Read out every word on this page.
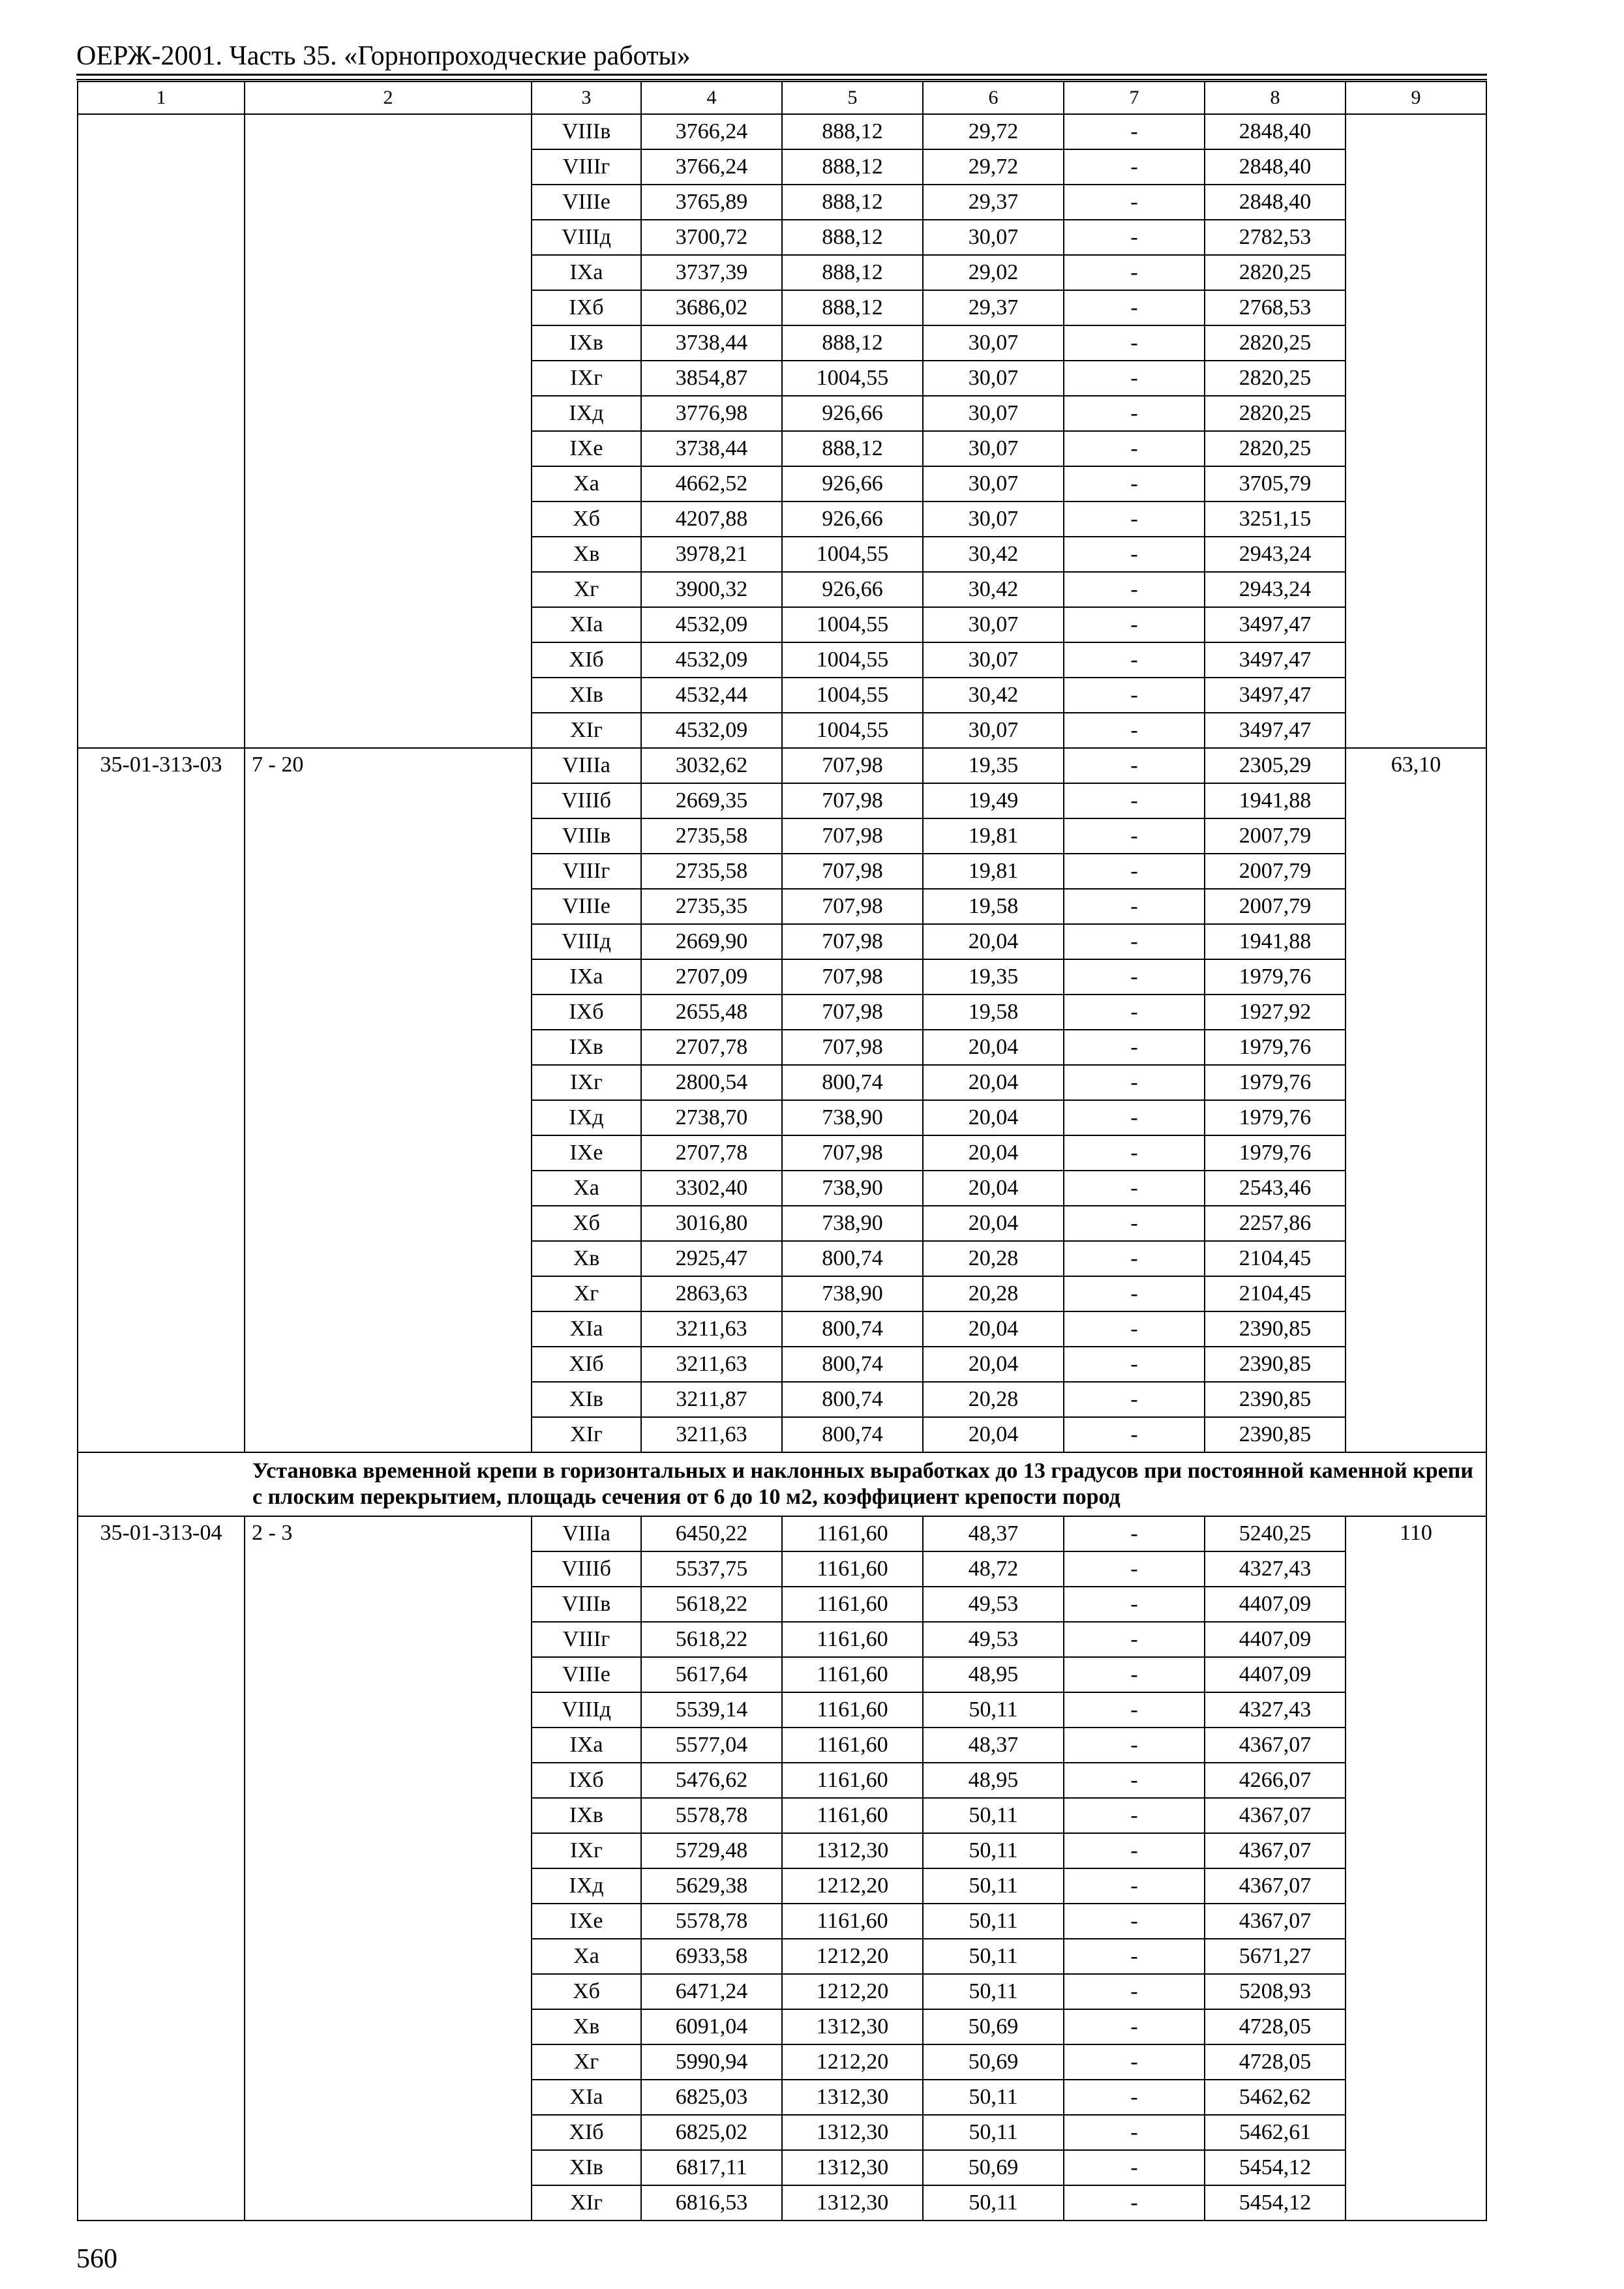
ОЕРЖ-2001. Часть 35. «Горнопроходческие работы»
1	2	3	4	5	6	7	8	9
		VIIIв	3766,24	888,12	29,72	-	2848,40	
		VIIIг	3766,24	888,12	29,72	-	2848,40	
		VIIIе	3765,89	888,12	29,37	-	2848,40	
		VIIIд	3700,72	888,12	30,07	-	2782,53	
		IXа	3737,39	888,12	29,02	-	2820,25	
		IXб	3686,02	888,12	29,37	-	2768,53	
		IXв	3738,44	888,12	30,07	-	2820,25	
		IXг	3854,87	1004,55	30,07	-	2820,25	
		IXд	3776,98	926,66	30,07	-	2820,25	
		IXе	3738,44	888,12	30,07	-	2820,25	
		Xа	4662,52	926,66	30,07	-	3705,79	
		Xб	4207,88	926,66	30,07	-	3251,15	
		Xв	3978,21	1004,55	30,42	-	2943,24	
		Xг	3900,32	926,66	30,42	-	2943,24	
		XIа	4532,09	1004,55	30,07	-	3497,47	
		XIб	4532,09	1004,55	30,07	-	3497,47	
		XIв	4532,44	1004,55	30,42	-	3497,47	
		XIг	4532,09	1004,55	30,07	-	3497,47	
35-01-313-03	7 - 20	VIIIа	3032,62	707,98	19,35	-	2305,29	63,10
		VIIIб	2669,35	707,98	19,49	-	1941,88	
		VIIIв	2735,58	707,98	19,81	-	2007,79	
		VIIIг	2735,58	707,98	19,81	-	2007,79	
		VIIIе	2735,35	707,98	19,58	-	2007,79	
		VIIIд	2669,90	707,98	20,04	-	1941,88	
		IXа	2707,09	707,98	19,35	-	1979,76	
		IXб	2655,48	707,98	19,58	-	1927,92	
		IXв	2707,78	707,98	20,04	-	1979,76	
		IXг	2800,54	800,74	20,04	-	1979,76	
		IXд	2738,70	738,90	20,04	-	1979,76	
		IXе	2707,78	707,98	20,04	-	1979,76	
		Xа	3302,40	738,90	20,04	-	2543,46	
		Xб	3016,80	738,90	20,04	-	2257,86	
		Xв	2925,47	800,74	20,28	-	2104,45	
		Xг	2863,63	738,90	20,28	-	2104,45	
		XIа	3211,63	800,74	20,04	-	2390,85	
		XIб	3211,63	800,74	20,04	-	2390,85	
		XIв	3211,87	800,74	20,28	-	2390,85	
		XIг	3211,63	800,74	20,04	-	2390,85	
	Установка временной крепи в горизонтальных и наклонных выработках до 13 градусов при постоянной каменной крепи с плоским перекрытием, площадь сечения от 6 до 10 м2, коэффициент крепости пород							
35-01-313-04	2 - 3	VIIIа	6450,22	1161,60	48,37	-	5240,25	110
		VIIIб	5537,75	1161,60	48,72	-	4327,43	
		VIIIв	5618,22	1161,60	49,53	-	4407,09	
		VIIIг	5618,22	1161,60	49,53	-	4407,09	
		VIIIе	5617,64	1161,60	48,95	-	4407,09	
		VIIIд	5539,14	1161,60	50,11	-	4327,43	
		IXа	5577,04	1161,60	48,37	-	4367,07	
		IXб	5476,62	1161,60	48,95	-	4266,07	
		IXв	5578,78	1161,60	50,11	-	4367,07	
		IXг	5729,48	1312,30	50,11	-	4367,07	
		IXд	5629,38	1212,20	50,11	-	4367,07	
		IXе	5578,78	1161,60	50,11	-	4367,07	
		Xа	6933,58	1212,20	50,11	-	5671,27	
		Xб	6471,24	1212,20	50,11	-	5208,93	
		Xв	6091,04	1312,30	50,69	-	4728,05	
		Xг	5990,94	1212,20	50,69	-	4728,05	
		XIа	6825,03	1312,30	50,11	-	5462,62	
		XIб	6825,02	1312,30	50,11	-	5462,61	
		XIв	6817,11	1312,30	50,69	-	5454,12	
		XIг	6816,53	1312,30	50,11	-	5454,12	
560
